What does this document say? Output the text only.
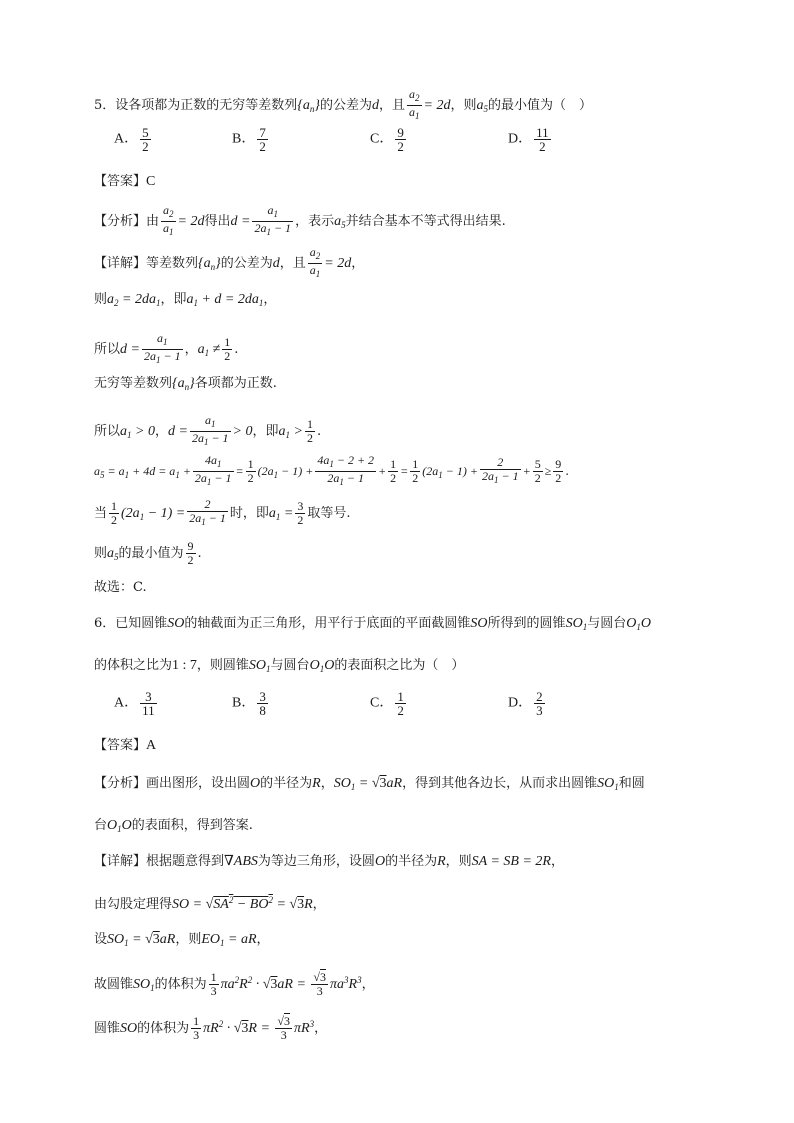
5．设各项都为正数的无穷等差数列$\{a_n\}$的公差为d，且 $\frac{a_2}{a_1} = 2d$，则$a_5$的最小值为（　）
A． $\frac{5}{2}$	B． $\frac{7}{2}$	C． $\frac{9}{2}$	D． $\frac{11}{2}$
【答案】C
【分析】由 $\frac{a_2}{a_1} = 2d$得出$d = \frac{a_1}{2a_1 - 1}$ ，表示$a_5$并结合基本不等式得出结果.
【详解】等差数列$\{a_n\}$的公差为d，且 $\frac{a_2}{a_1} = 2d$，
则$a_2 = 2da_1$，即$a_1 + d = 2da_1$，
所以$d = \frac{a_1}{2a_1 - 1}$ ，$a_1 \ne \frac{1}{2}$ .
无穷等差数列$\{a_n\}$各项都为正数.
所以$a_1 > 0$，$d = \frac{a_1}{2a_1 - 1} > 0$，即$a_1 > \frac{1}{2}$ .
$a_5 = a_1 + 4d = a_1 + \frac{4a_1}{2a_1 - 1} = \frac{1}{2} (2a_1 - 1) + \frac{4a_1 - 2 + 2}{2a_1 - 1} + \frac{1}{2} = \frac{1}{2} (2a_1 - 1) + \frac{2}{2a_1 - 1} + \frac{5}{2} \ge \frac{9}{2}$ .
当 $\frac{1}{2} (2a_1 - 1) = \frac{2}{2a_1 - 1}$ 时，即$a_1 = \frac{3}{2}$ 取等号.
则$a_5$的最小值为 $\frac{9}{2}$ .
故选：C.
6．已知圆锥SO的轴截面为正三角形，用平行于底面的平面截圆锥SO所得到的圆锥$SO_1$与圆台$O_1O$
的体积之比为1 : 7，则圆锥$SO_1$与圆台$O_1O$的表面积之比为（　）
A． $\frac{3}{11}$	B． $\frac{3}{8}$	C． $\frac{1}{2}$	D． $\frac{2}{3}$
【答案】A
【分析】画出图形，设出圆O的半径为R，$SO_1 = √3aR$，得到其他各边长，从而求出圆锥$SO_1$和圆
台$O_1O$的表面积，得到答案.
【详解】根据题意得到∇ABS为等边三角形，设圆O的半径为R，则SA = SB = 2R，
由勾股定理得SO = $√SA^2 - BO^2 = √3R$，
设$SO_1 = √3aR$，则$EO_1$ = aR，
故圆锥$SO_1$的体积为 $\frac{1}{3} \pi a^2R^2 \cdot √3aR = \frac{√3}{3} \pi a^3R^3$，
圆锥SO的体积为 $\frac{1}{3} \pi R^2 \cdot √3R = \frac{√3}{3} \pi R^3$，
